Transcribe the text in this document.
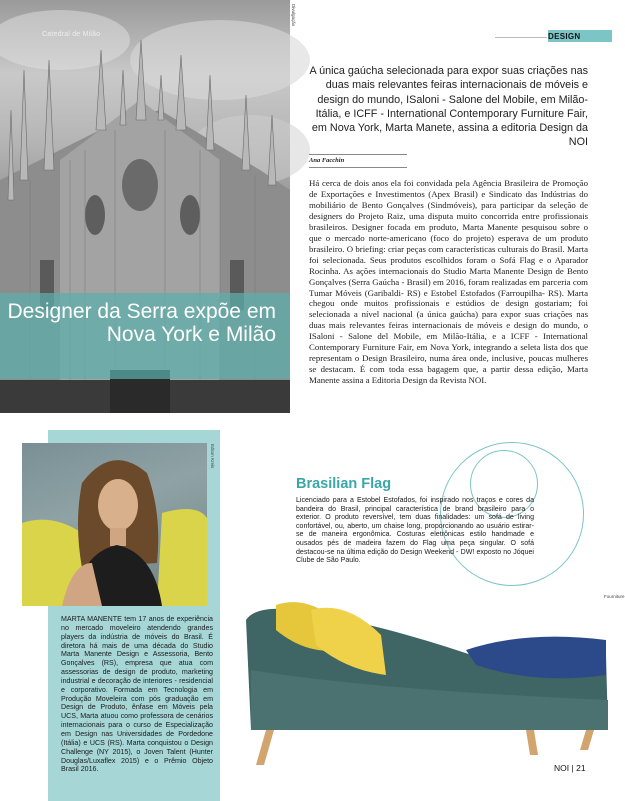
Catedral de Milão
Designer da Serra expõe em Nova York e Milão
Divulgação
DESIGN

A única gaúcha selecionada para expor suas criações nas duas mais relevantes feiras internacionais de móveis e design do mundo, ISaloni - Salone del Mobile, em Milão-Itália, e ICFF - International Contemporary Furniture Fair, em Nova York, Marta Manete, assina a editoria Design da NOI

Ana Facchin

Há cerca de dois anos ela foi convidada pela Agência Brasileira de Promoção de Exportações e Investimentos (Apex Brasil) e Sindicato das Indústrias do mobiliário de Bento Gonçalves (Sindmóveis), para participar da seleção de designers do Projeto Raiz, uma disputa muito concorrida entre profissionais brasileiros. Designer focada em produto, Marta Manente pesquisou sobre o que o mercado norte-americano (foco do projeto) esperava de um produto brasileiro. O briefing: criar peças com características culturais do Brasil. Marta foi selecionada. Seus produtos escolhidos foram o Sofá Flag e o Aparador Rocinha. As ações internacionais do Studio Marta Manente Design de Bento Gonçalves (Serra Gaúcha - Brasil) em 2016, foram realizadas em parceria com Tumar Móveis (Garibaldi- RS) e Estobel Estofados (Farroupilha- RS). Marta chegou onde muitos profissionais e estúdios de design gostariam; foi selecionada a nível nacional (a única gaúcha) para expor suas criações nas duas mais relevantes feiras internacionais de móveis e design do mundo, o ISaloni - Salone del Mobile, em Milão-Itália, e a ICFF - International Contemporary Furniture Fair, em Nova York, integrando a seleta lista dos que representam o Design Brasileiro, numa área onde, inclusive, poucas mulheres se destacam. É com toda essa bagagem que, a partir dessa edição, Marta Manente assina a Editoria Design da Revista NOI.

Edson Kreis

MARTA MANENTE tem 17 anos de experiência no mercado moveleiro atendendo grandes players da indústria de móveis do Brasil. É diretora há mais de uma década do Studio Marta Manente Design e Assessoria, Bento Gonçalves (RS), empresa que atua com assessorias de design de produto, marketing industrial e decoração de interiores - residencial e corporativo. Formada em Tecnologia em Produção Moveleira com pós graduação em Design de Produto, ênfase em Móveis pela UCS, Marta atuou como professora de cenários internacionais para o curso de Especialização em Design nas Universidades de Pordedone (Itália) e UCS (RS). Marta conquistou o Design Challenge (NY 2015), o Joven Talent (Hunter Douglas/Luxaflex 2015) e o Prêmio Objeto Brasil 2016.

Brasilian Flag

Licenciado para a Estobel Estofados, foi inspirado nos traços e cores da bandeira do Brasil, principal característica de brand brasileiro para o exterior. O produto reversível, tem duas finalidades: um sofá de living confortável, ou, aberto, um chaise long, proporcionando ao usuário estirar-se de maneira ergonômica. Costuras eletrônicas estilo handmade e ousados pés de madeira fazem do Flag uma peça singular. O sofá destacou-se na última edição do Design Weekend - DW! exposto no Jóquei Clube de São Paulo.

Fourniture
NOI | 21
